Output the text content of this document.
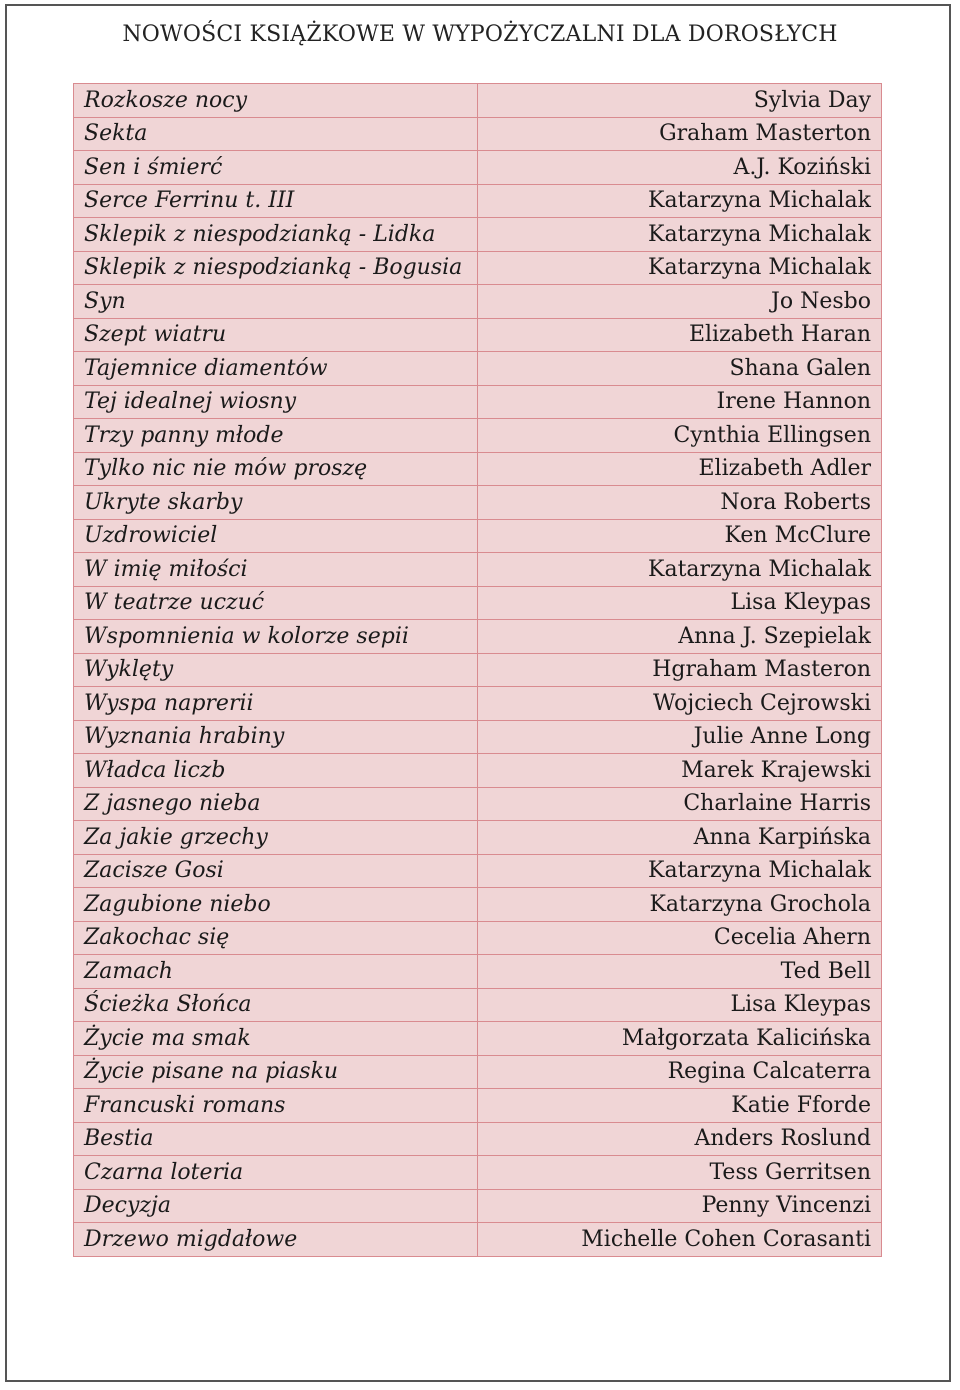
NOWOŚCI KSIĄŻKOWE W WYPOŻYCZALNI DLA DOROSŁYCH
Rozkosze nocy	Sylvia Day
Sekta	Graham Masterton
Sen i śmierć	A.J. Koziński
Serce Ferrinu t. III	Katarzyna Michalak
Sklepik z niespodzianką - Lidka	Katarzyna Michalak
Sklepik z niespodzianką - Bogusia	Katarzyna Michalak
Syn	Jo Nesbo
Szept wiatru	Elizabeth Haran
Tajemnice diamentów	Shana Galen
Tej idealnej wiosny	Irene Hannon
Trzy panny młode	Cynthia Ellingsen
Tylko nic nie mów proszę	Elizabeth Adler
Ukryte skarby	Nora Roberts
Uzdrowiciel	Ken McClure
W imię miłości	Katarzyna Michalak
W teatrze uczuć	Lisa Kleypas
Wspomnienia w kolorze sepii	Anna J. Szepielak
Wyklęty	Hgraham Masteron
Wyspa naprerii	Wojciech Cejrowski
Wyznania hrabiny	Julie Anne Long
Władca liczb	Marek Krajewski
Z jasnego nieba	Charlaine Harris
Za jakie grzechy	Anna Karpińska
Zacisze Gosi	Katarzyna Michalak
Zagubione niebo	Katarzyna Grochola
Zakochac się	Cecelia Ahern
Zamach	Ted Bell
Ścieżka Słońca	Lisa Kleypas
Życie ma smak	Małgorzata Kalicińska
Życie pisane na piasku	Regina Calcaterra
Francuski romans	Katie Fforde
Bestia	Anders Roslund
Czarna loteria	Tess Gerritsen
Decyzja	Penny Vincenzi
Drzewo migdałowe	Michelle Cohen Corasanti
